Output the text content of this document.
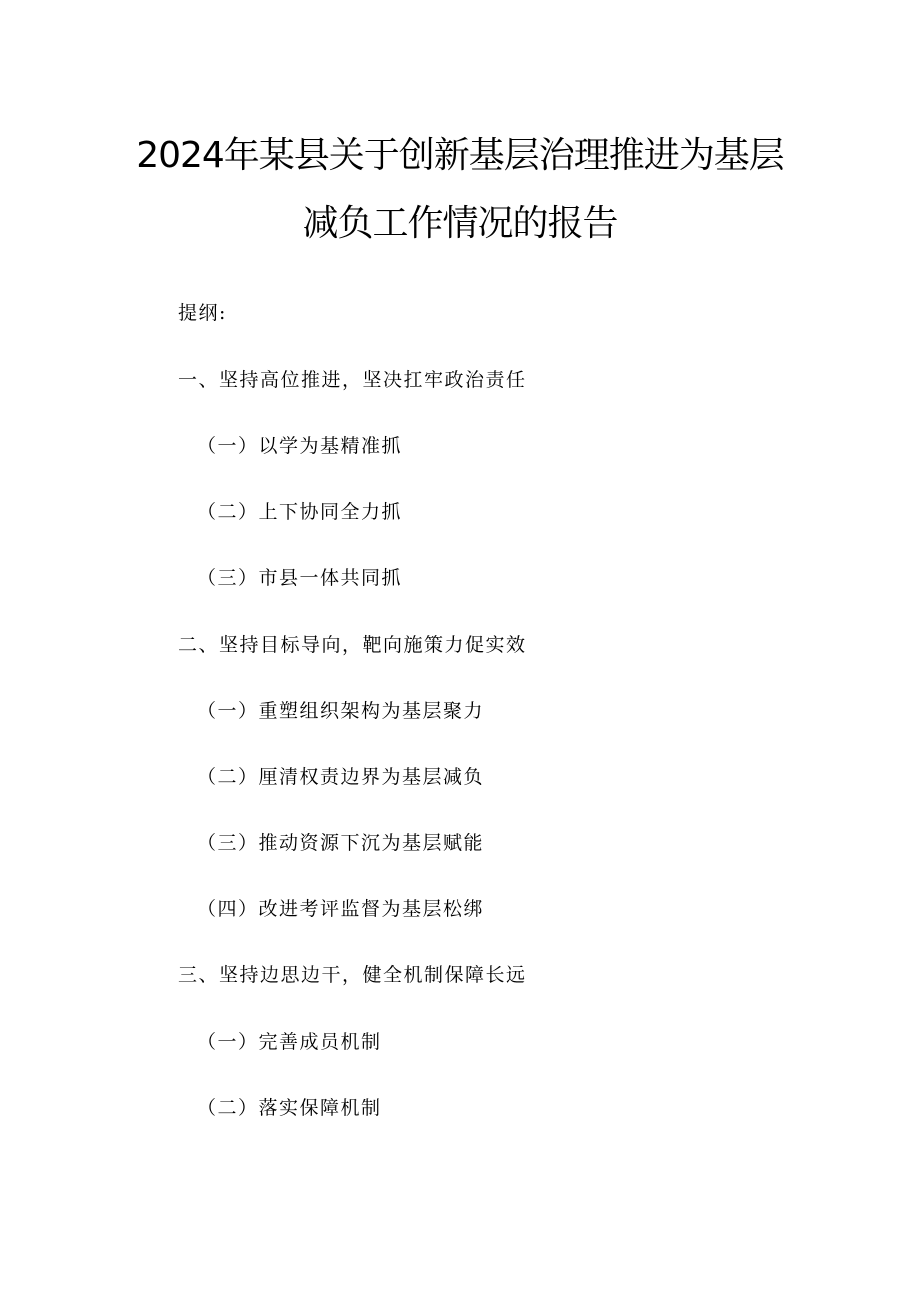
2024年某县关于创新基层治理推进为基层
减负工作情况的报告
提纲:
一、坚持高位推进，坚决扛牢政治责任
（一）以学为基精准抓
（二）上下协同全力抓
（三）市县一体共同抓
二、坚持目标导向，靶向施策力促实效
（一）重塑组织架构为基层聚力
（二）厘清权责边界为基层减负
（三）推动资源下沉为基层赋能
（四）改进考评监督为基层松绑
三、坚持边思边干，健全机制保障长远
（一）完善成员机制
（二）落实保障机制
